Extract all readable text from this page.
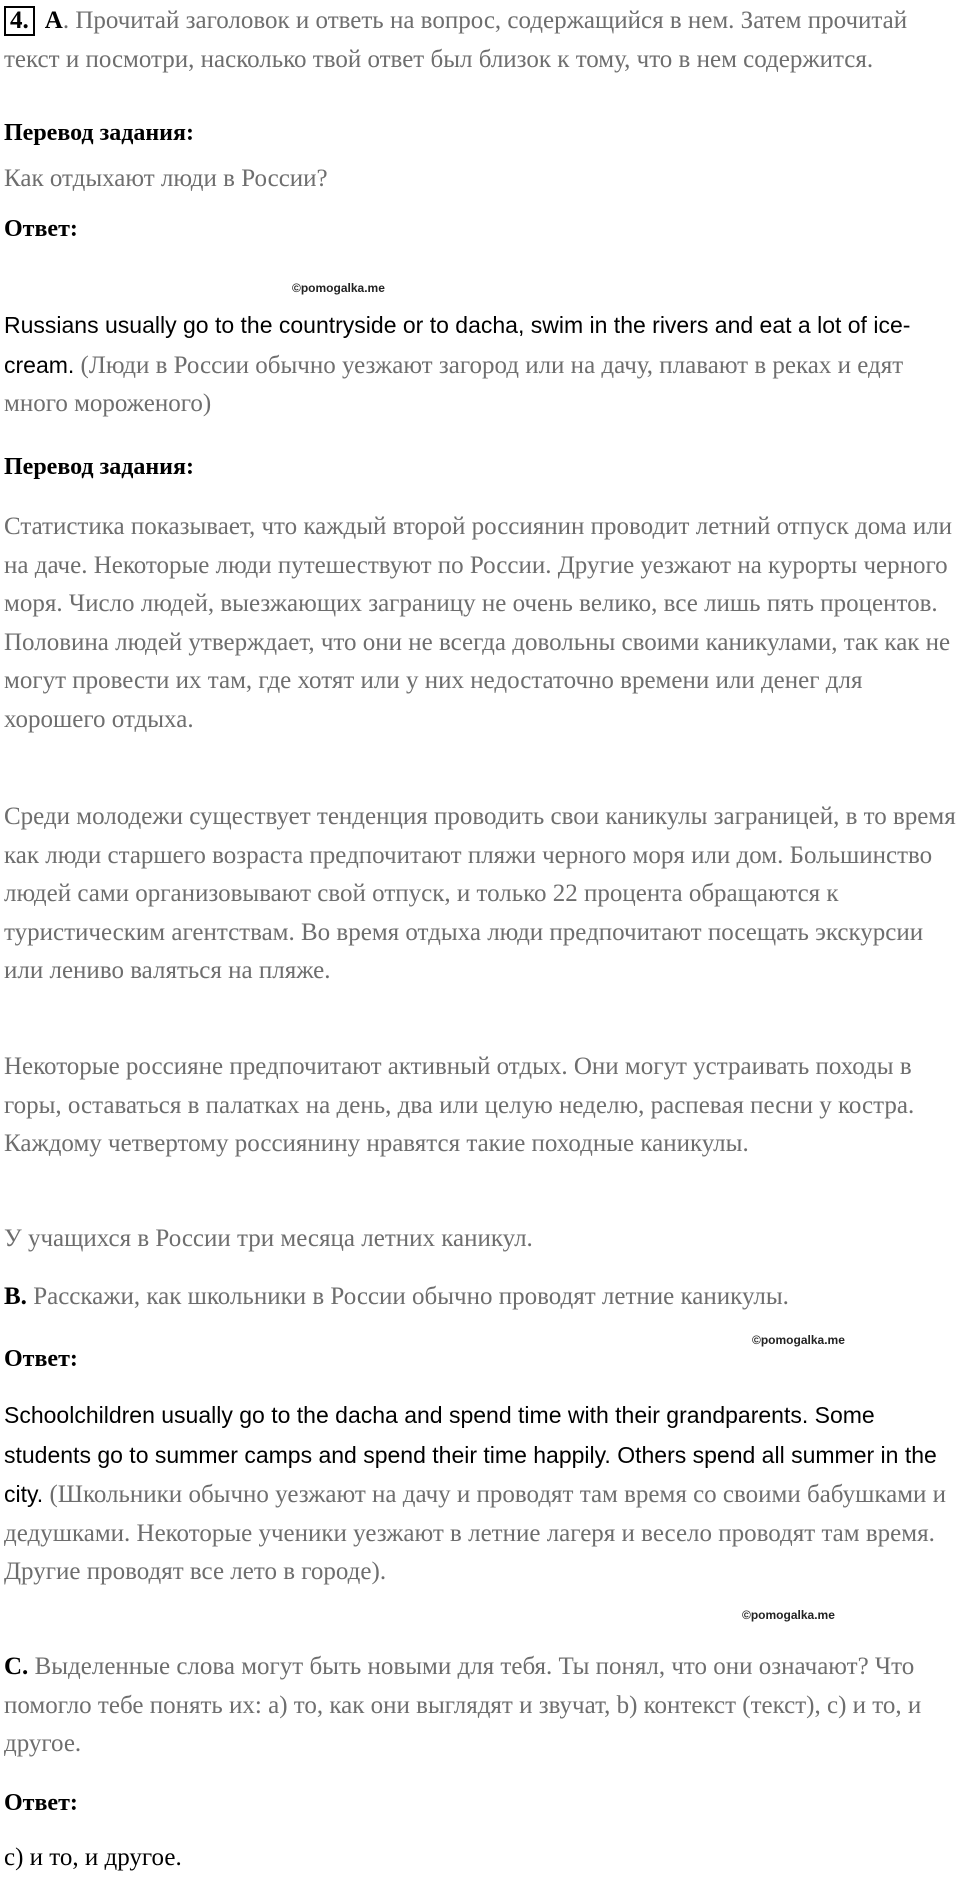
4. A. Прочитай заголовок и ответь на вопрос, содержащийся в нем. Затем прочитай текст и посмотри, насколько твой ответ был близок к тому, что в нем содержится.

Перевод задания:

Как отдыхают люди в России?

Ответ:

©pomogalka.me

Russians usually go to the countryside or to dacha, swim in the rivers and eat a lot of ice-cream. (Люди в России обычно уезжают загород или на дачу, плавают в реках и едят много мороженого)

Перевод задания:

Статистика показывает, что каждый второй россиянин проводит летний отпуск дома или на даче. Некоторые люди путешествуют по России. Другие уезжают на курорты черного моря. Число людей, выезжающих заграницу не очень велико, все лишь пять процентов. Половина людей утверждает, что они не всегда довольны своими каникулами, так как не могут провести их там, где хотят или у них недостаточно времени или денег для хорошего отдыха.

Среди молодежи существует тенденция проводить свои каникулы заграницей, в то время как люди старшего возраста предпочитают пляжи черного моря или дом. Большинство людей сами организовывают свой отпуск, и только 22 процента обращаются к туристическим агентствам. Во время отдыха люди предпочитают посещать экскурсии или лениво валяться на пляже.

Некоторые россияне предпочитают активный отдых. Они могут устраивать походы в горы, оставаться в палатках на день, два или целую неделю, распевая песни у костра. Каждому четвертому россиянину нравятся такие походные каникулы.

У учащихся в России три месяца летних каникул.

B. Расскажи, как школьники в России обычно проводят летние каникулы.

©pomogalka.me

Ответ:

Schoolchildren usually go to the dacha and spend time with their grandparents. Some students go to summer camps and spend their time happily. Others spend all summer in the city. (Школьники обычно уезжают на дачу и проводят там время со своими бабушками и дедушками. Некоторые ученики уезжают в летние лагеря и весело проводят там время. Другие проводят все лето в городе).

©pomogalka.me

C. Выделенные слова могут быть новыми для тебя. Ты понял, что они означают? Что помогло тебе понять их: a) то, как они выглядят и звучат, b) контекст (текст), c) и то, и другое.

Ответ:

c) и то, и другое.
